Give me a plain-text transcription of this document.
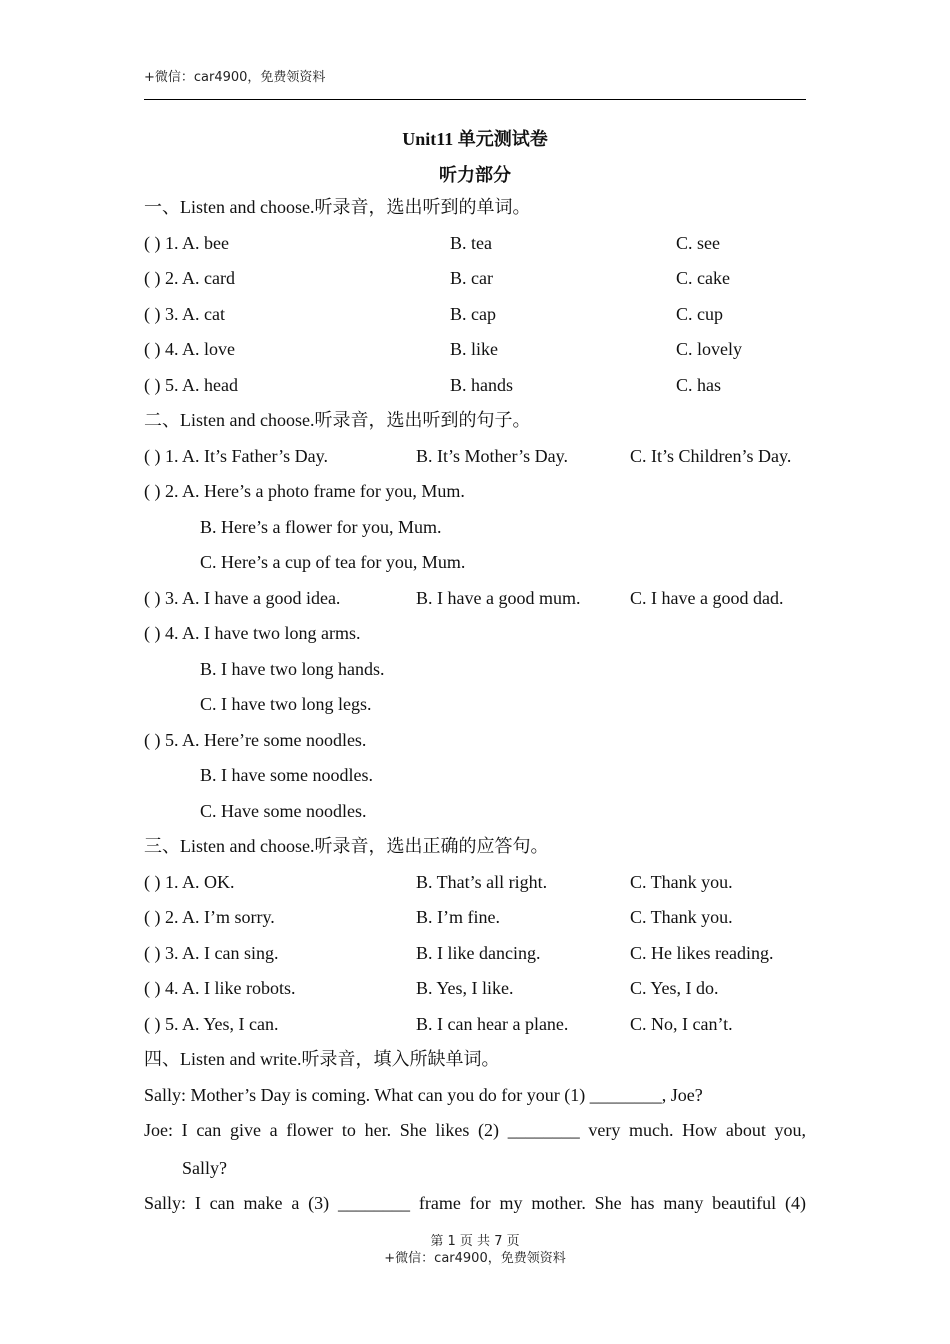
+微信：car4900，免费领资料
Unit11 单元测试卷
听力部分
一、Listen and choose.听录音，选出听到的单词。
( ) 1. A. bee	B. tea	C. see
( ) 2. A. card	B. car	C. cake
( ) 3. A. cat	B. cap	C. cup
( ) 4. A. love	B. like	C. lovely
( ) 5. A. head	B. hands	C. has
二、Listen and choose.听录音，选出听到的句子。
( ) 1. A. It’s Father’s Day.	B. It’s Mother’s Day.	C. It’s Children’s Day.
( ) 2. A. Here’s a photo frame for you, Mum.
B. Here’s a flower for you, Mum.
C. Here’s a cup of tea for you, Mum.
( ) 3. A. I have a good idea.	B. I have a good mum.	C. I have a good dad.
( ) 4. A. I have two long arms.
B. I have two long hands.
C. I have two long legs.
( ) 5. A. Here’re some noodles.
B. I have some noodles.
C. Have some noodles.
三、Listen and choose.听录音，选出正确的应答句。
( ) 1. A. OK.	B. That’s all right.	C. Thank you.
( ) 2. A. I’m sorry.	B. I’m fine.	C. Thank you.
( ) 3. A. I can sing.	B. I like dancing.	C. He likes reading.
( ) 4. A. I like robots.	B. Yes, I like.	C. Yes, I do.
( ) 5. A. Yes, I can.	B. I can hear a plane.	C. No, I can’t.
四、Listen and write.听录音，填入所缺单词。
Sally: Mother’s Day is coming. What can you do for your (1) ________, Joe?
Joe: I can give a flower to her. She likes (2) ________ very much. How about you,
Sally?
Sally: I can make a (3) ________ frame for my mother. She has many beautiful (4)
第 1 页 共 7 页
+微信：car4900，免费领资料
